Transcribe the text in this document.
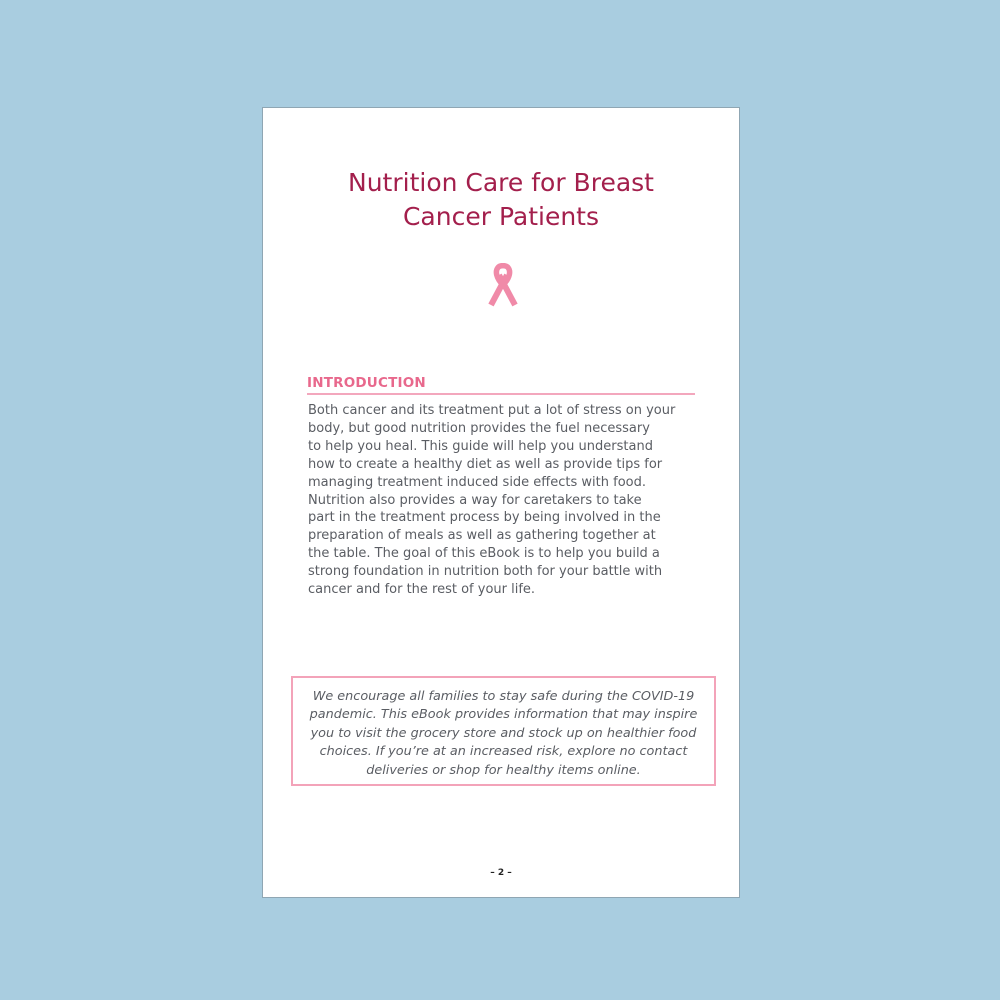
Nutrition Care for Breast
Cancer Patients
INTRODUCTION

Both cancer and its treatment put a lot of stress on your
body, but good nutrition provides the fuel necessary
to help you heal. This guide will help you understand
how to create a healthy diet as well as provide tips for
managing treatment induced side effects with food.
Nutrition also provides a way for caretakers to take
part in the treatment process by being involved in the
preparation of meals as well as gathering together at
the table. The goal of this eBook is to help you build a
strong foundation in nutrition both for your battle with
cancer and for the rest of your life.

We encourage all families to stay safe during the COVID-19
pandemic. This eBook provides information that may inspire
you to visit the grocery store and stock up on healthier food
choices. If you’re at an increased risk, explore no contact
deliveries or shop for healthy items online.

– 2 –
